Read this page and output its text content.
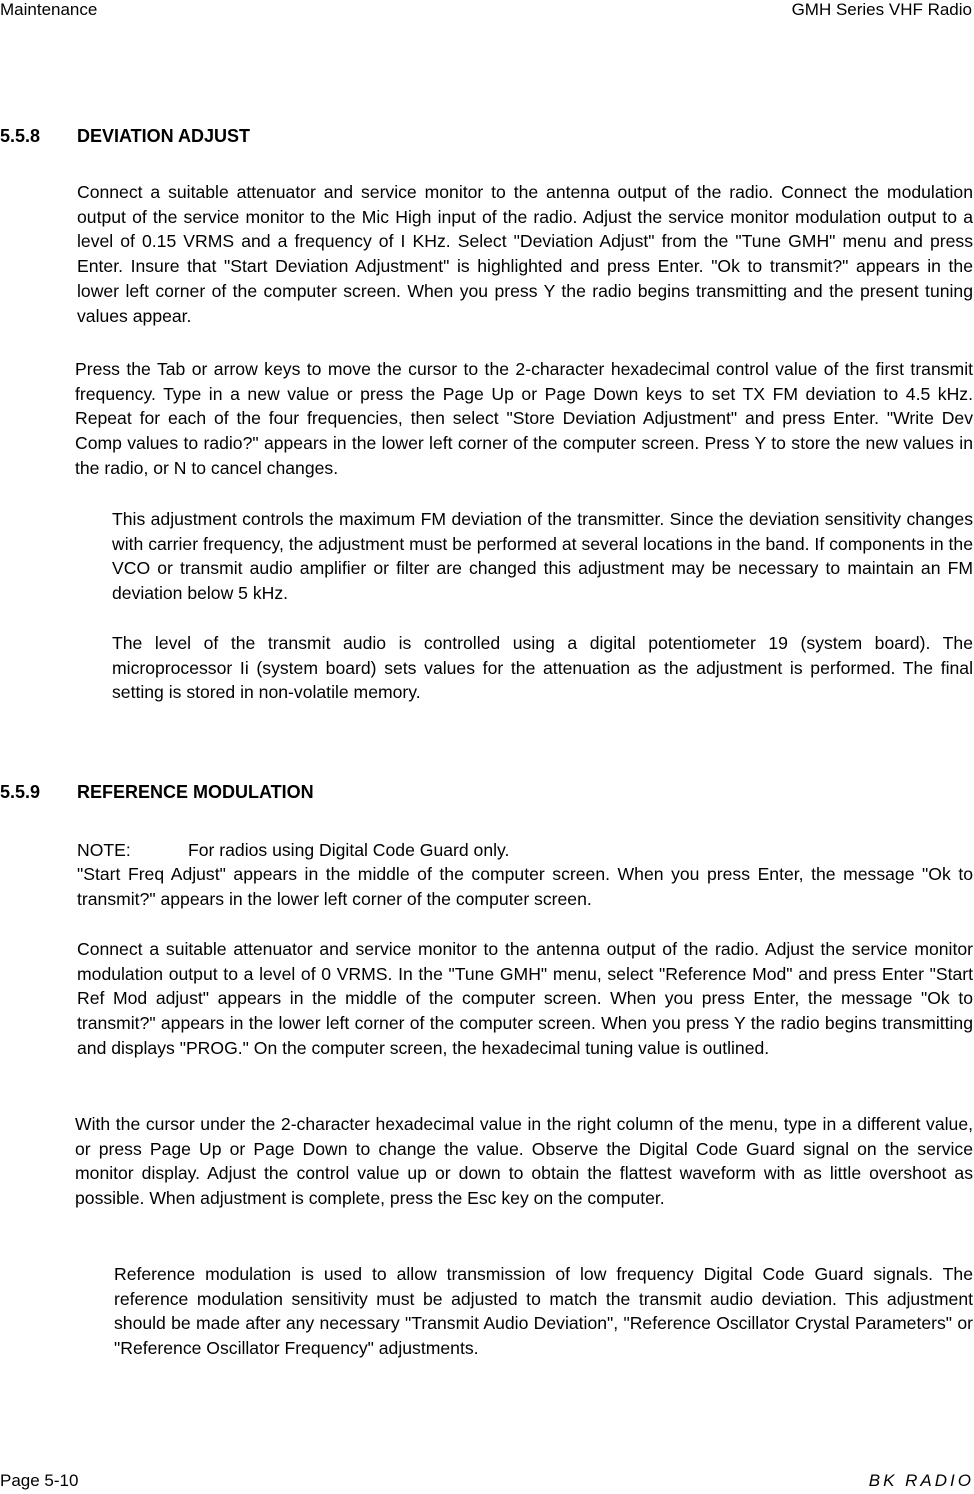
Maintenance	GMH Series VHF Radio
5.5.8 DEVIATION ADJUST
Connect a suitable attenuator and service monitor to the antenna output of the radio. Connect the modulation output of the service monitor to the Mic High input of the radio. Adjust the service monitor modulation output to a level of 0.15 VRMS and a frequency of I KHz. Select "Deviation Adjust" from the "Tune GMH" menu and press Enter. Insure that "Start Deviation Adjustment" is highlighted and press Enter. "Ok to transmit?" appears in the lower left corner of the computer screen. When you press Y the radio begins transmitting and the present tuning values appear.
Press the Tab or arrow keys to move the cursor to the 2-character hexadecimal control value of the first transmit frequency. Type in a new value or press the Page Up or Page Down keys to set TX FM deviation to 4.5 kHz. Repeat for each of the four frequencies, then select "Store Deviation Adjustment" and press Enter. "Write Dev Comp values to radio?" appears in the lower left corner of the computer screen. Press Y to store the new values in the radio, or N to cancel changes.
This adjustment controls the maximum FM deviation of the transmitter. Since the deviation sensitivity changes with carrier frequency, the adjustment must be performed at several locations in the band. If components in the VCO or transmit audio amplifier or filter are changed this adjustment may be necessary to maintain an FM deviation below 5 kHz.
The level of the transmit audio is controlled using a digital potentiometer 19 (system board). The microprocessor Ii (system board) sets values for the attenuation as the adjustment is performed. The final setting is stored in non-volatile memory.
5.5.9 REFERENCE MODULATION
NOTE:	For radios using Digital Code Guard only.
"Start Freq Adjust" appears in the middle of the computer screen. When you press Enter, the message "Ok to transmit?" appears in the lower left corner of the computer screen.
Connect a suitable attenuator and service monitor to the antenna output of the radio. Adjust the service monitor modulation output to a level of 0 VRMS. In the "Tune GMH" menu, select "Reference Mod" and press Enter "Start Ref Mod adjust" appears in the middle of the computer screen. When you press Enter, the message "Ok to transmit?" appears in the lower left corner of the computer screen. When you press Y the radio begins transmitting and displays "PROG." On the computer screen, the hexadecimal tuning value is outlined.
With the cursor under the 2-character hexadecimal value in the right column of the menu, type in a different value, or press Page Up or Page Down to change the value. Observe the Digital Code Guard signal on the service monitor display. Adjust the control value up or down to obtain the flattest waveform with as little overshoot as possible. When adjustment is complete, press the Esc key on the computer.
Reference modulation is used to allow transmission of low frequency Digital Code Guard signals. The reference modulation sensitivity must be adjusted to match the transmit audio deviation. This adjustment should be made after any necessary "Transmit Audio Deviation", "Reference Oscillator Crystal Parameters" or "Reference Oscillator Frequency" adjustments.
Page 5-10	BK RADIO
